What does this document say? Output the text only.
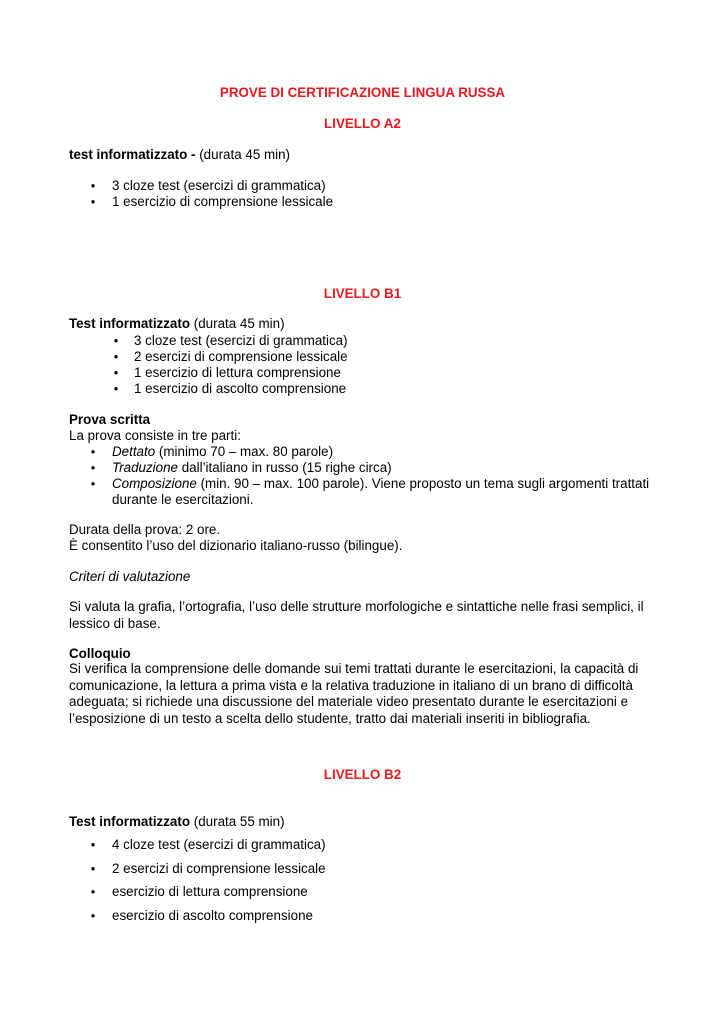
PROVE DI CERTIFICAZIONE LINGUA RUSSA
LIVELLO A2
test informatizzato - (durata 45 min)
• 3 cloze test (esercizi di grammatica)
• 1 esercizio di comprensione lessicale
LIVELLO B1
Test informatizzato (durata 45 min)
• 3 cloze test (esercizi di grammatica)
• 2 esercizi di comprensione lessicale
• 1 esercizio di lettura comprensione
• 1 esercizio di ascolto comprensione
Prova scritta
La prova consiste in tre parti:
• Dettato (minimo 70 – max. 80 parole)
• Traduzione dall’italiano in russo (15 righe circa)
• Composizione (min. 90 – max. 100 parole). Viene proposto un tema sugli argomenti trattati durante le esercitazioni.
Durata della prova: 2 ore.
È consentito l’uso del dizionario italiano-russo (bilingue).
Criteri di valutazione
Si valuta la grafia, l’ortografia, l’uso delle strutture morfologiche e sintattiche nelle frasi semplici, il lessico di base.
Colloquio
Si verifica la comprensione delle domande sui temi trattati durante le esercitazioni, la capacità di comunicazione, la lettura a prima vista e la relativa traduzione in italiano di un brano di difficoltà adeguata; si richiede una discussione del materiale video presentato durante le esercitazioni e l’esposizione di un testo a scelta dello studente, tratto dai materiali inseriti in bibliografia.
LIVELLO B2
Test informatizzato (durata 55 min)
• 4 cloze test (esercizi di grammatica)
• 2 esercizi di comprensione lessicale
• esercizio di lettura comprensione
• esercizio di ascolto comprensione
